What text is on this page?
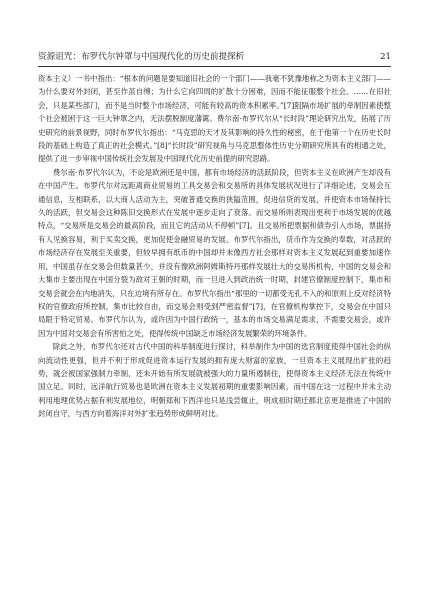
资源诅咒：布罗代尔钟罩与中国现代化的历史前提探析	21

资本主义）一书中指出：“根本的问题是要知道旧社会的一个部门——我毫不犹豫地称之为资本主义部门——为什么要对外封闭，甚至作茧自缚；为什么它向四周的扩散十分困难，因而不能征服整个社会。……在旧社会，只是某些部门，而不是当时整个市场经济，可能有较高的资本积累率。”[7]阻隔市场扩展的牵制因素使整个社会被困于这一巨大钟罩之内，无法摆脱制度藩篱。费尔南·布罗代尔从“长时段”理论研究出发，拓展了历史研究的前景视野，同时布罗代尔指出：“马克思的天才及其影响的持久性的秘密，在于他第一个在历史长时段的基础上构造了真正的社会模式。”[8]“长时段”研究视角与马克思整体性历史分期研究所具有的相通之处，提供了进一步审视中国传统社会发展及中国现代化历史前提的研究思路。

费尔南·布罗代尔认为，不论是欧洲还是中国，都有市场经济的活跃阶段，但资本主义在欧洲产生却没有在中国产生。布罗代尔对远距离商业贸易的工具交易会和交易所的具体发展状况进行了详细论述，交易会互通信息，互相联系，以大商人活动为主，突破普通交换的狭隘范围，促进信贷的发展，并使资本市场保持长久的活跃，但交易会这种陈旧交换形式在发展中逐步走向了衰落。而交易所则表现出更利于市场发展的优越特点，“交易所是交易会的最高阶段，而且它的活动从不停顿”[7]。且交易所把票据和债券引入市场，票据持有人见换容易，利于买卖交换，更加促使金融贸易的发展。布罗代尔指出，货币作为交换的奉数，对活跃的市场经济存在发展至关重要，但较早拥有纸币的中国却并未像西方社会那样对资本主义发展起到重要加速作用，中国虽存在交易会但数量甚少，并没有像欧洲阿姆斯特丹那样发展壮大的交易所机构，中国的交易会和大集市主要出现在中国分裂为敌对王朝的时期，而一旦进入到政治统一时期，封建官僚制度控制下，集市和交易会就会在内地消失，只在边境有所存在。布罗代尔指出“那里的一切都受无孔不入的和原则上反对经济特权的官僚政府所控制，集市比较自由，而交易会则受到严密监督”[7]，在官僚机构掌控下，交易会在中国只局限于特定贸易。布罗代尔认为，或许因为中国行政统一，基本的市场交易满足需求，不需要交易会，或许因为中国对交易会有所害怕之处，使得传统中国缺乏市场经济发展繁荣的环境条件。

除此之外，布罗代尔还对古代中国的科举制度进行探讨，科举制作为中国的选官制度使得中国社会的纵向流动性更强，但并不利于形成促进资本运行发展的拥有庞大财富的家族，一旦资本主义展现出扩张的趋势，就会被国家强制力牵制，还未开始有所发展就被强大的力量所遏制住，使得资本主义经济无法在传统中国立足。同时，远洋航行贸易也是欧洲在资本主义发展初期的重要影响因素，而中国在这一过程中并未主动利用地理优势占据有利发展地位，明朝郑和下西洋也只是浅尝辄止，明成祖时期迁都北京更是推进了中国的封闭自守，与西方向着海洋对外扩张趋势形成鲜明对比。
